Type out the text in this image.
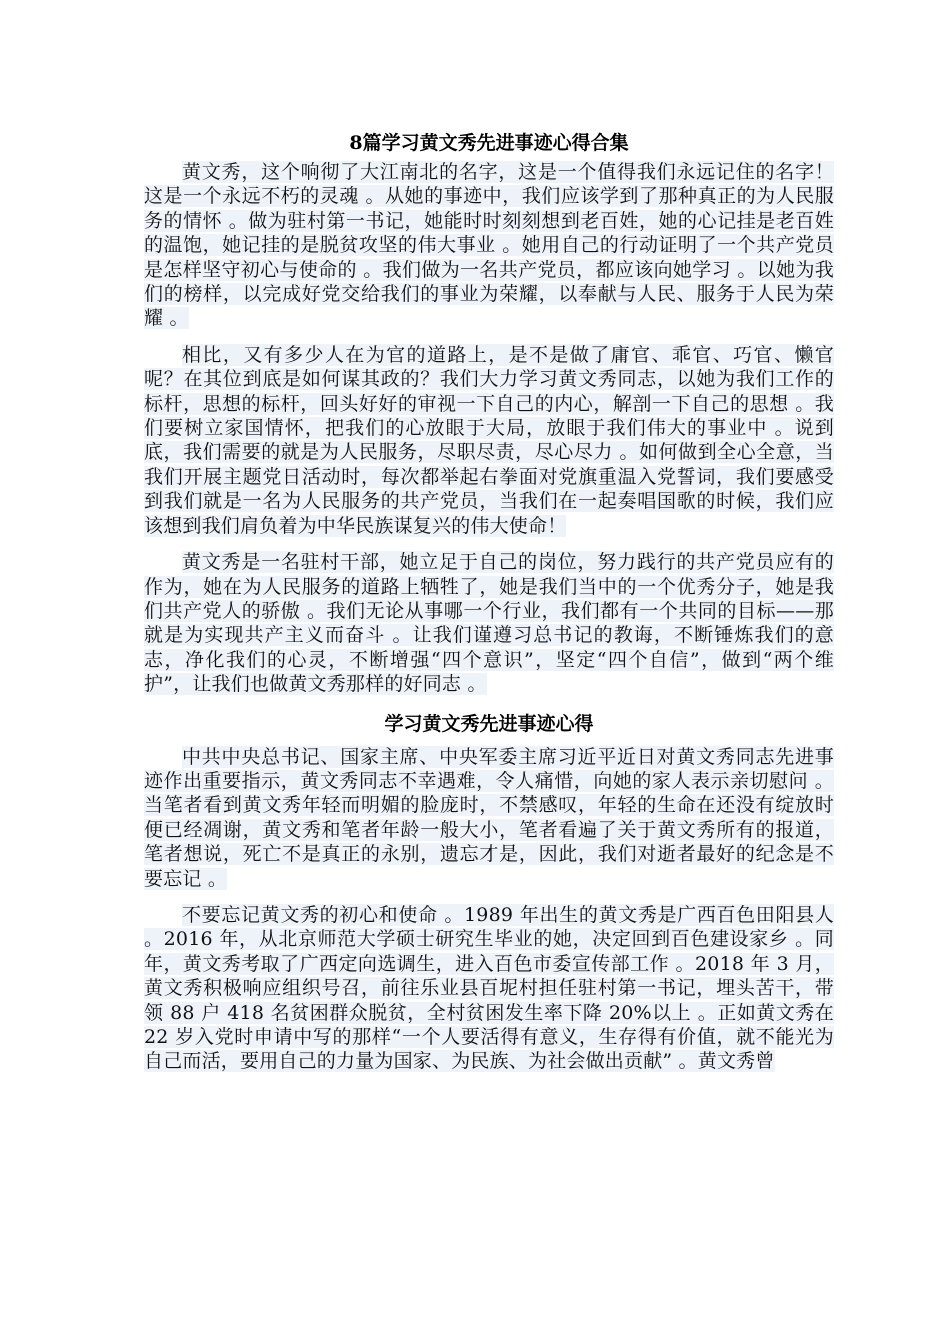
8篇学习黄文秀先进事迹心得合集

黄文秀，这个响彻了大江南北的名字，这是一个值得我们永远记住的名字！这是一个永远不朽的灵魂 。从她的事迹中，我们应该学到了那种真正的为人民服务的情怀 。做为驻村第一书记，她能时时刻刻想到老百姓，她的心记挂是老百姓的温饱，她记挂的是脱贫攻坚的伟大事业 。她用自己的行动证明了一个共产党员是怎样坚守初心与使命的 。我们做为一名共产党员，都应该向她学习 。以她为我们的榜样，以完成好党交给我们的事业为荣耀，以奉献与人民、服务于人民为荣耀 。

相比，又有多少人在为官的道路上，是不是做了庸官、乖官、巧官、懒官呢？在其位到底是如何谋其政的？我们大力学习黄文秀同志，以她为我们工作的标杆，思想的标杆，回头好好的审视一下自己的内心，解剖一下自己的思想 。我们要树立家国情怀，把我们的心放眼于大局，放眼于我们伟大的事业中 。说到底，我们需要的就是为人民服务，尽职尽责，尽心尽力 。如何做到全心全意，当我们开展主题党日活动时，每次都举起右拳面对党旗重温入党誓词，我们要感受到我们就是一名为人民服务的共产党员，当我们在一起奏唱国歌的时候，我们应该想到我们肩负着为中华民族谋复兴的伟大使命！

黄文秀是一名驻村干部，她立足于自己的岗位，努力践行的共产党员应有的作为，她在为人民服务的道路上牺牲了，她是我们当中的一个优秀分子，她是我们共产党人的骄傲 。我们无论从事哪一个行业，我们都有一个共同的目标——那就是为实现共产主义而奋斗 。让我们谨遵习总书记的教诲，不断锤炼我们的意志，净化我们的心灵，不断增强“四个意识”，坚定“四个自信”，做到“两个维护”，让我们也做黄文秀那样的好同志 。

学习黄文秀先进事迹心得

中共中央总书记、国家主席、中央军委主席习近平近日对黄文秀同志先进事迹作出重要指示，黄文秀同志不幸遇难，令人痛惜，向她的家人表示亲切慰问 。当笔者看到黄文秀年轻而明媚的脸庞时，不禁感叹，年轻的生命在还没有绽放时便已经凋谢，黄文秀和笔者年龄一般大小，笔者看遍了关于黄文秀所有的报道，笔者想说，死亡不是真正的永别，遗忘才是，因此，我们对逝者最好的纪念是不要忘记 。

不要忘记黄文秀的初心和使命 。1989 年出生的黄文秀是广西百色田阳县人 。2016 年，从北京师范大学硕士研究生毕业的她，决定回到百色建设家乡 。同年，黄文秀考取了广西定向选调生，进入百色市委宣传部工作 。2018 年 3 月，黄文秀积极响应组织号召，前往乐业县百坭村担任驻村第一书记，埋头苦干，带领 88 户 418 名贫困群众脱贫，全村贫困发生率下降 20%以上 。正如黄文秀在 22 岁入党时申请中写的那样“一个人要活得有意义，生存得有价值，就不能光为自己而活，要用自己的力量为国家、为民族、为社会做出贡献” 。黄文秀曾
